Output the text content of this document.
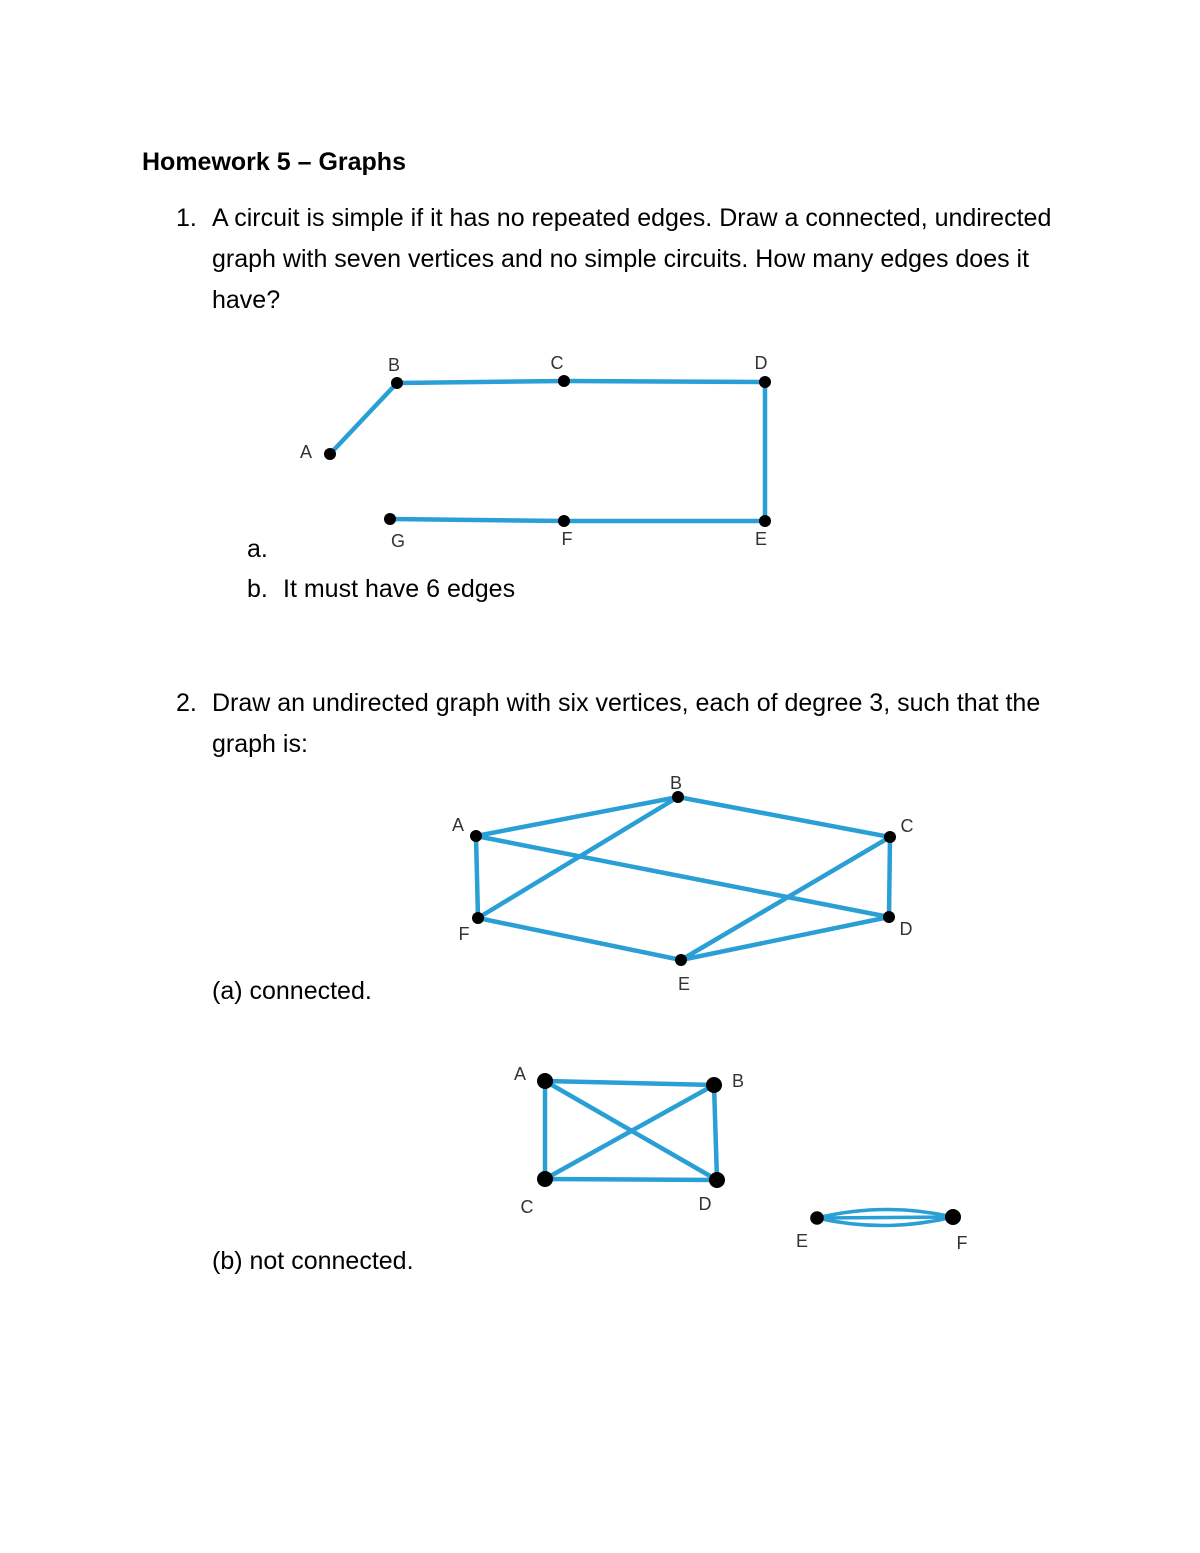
Homework 5 – Graphs
1. A circuit is simple if it has no repeated edges. Draw a connected, undirected graph with seven vertices and no simple circuits. How many edges does it have?
A
B	C	D
E
F
G
a.
b. It must have 6 edges
2. Draw an undirected graph with six vertices, each of degree 3, such that the graph is:
A
B
C
D
E
F
(a) connected.
A	B
C	D
E	F
(b) not connected.
